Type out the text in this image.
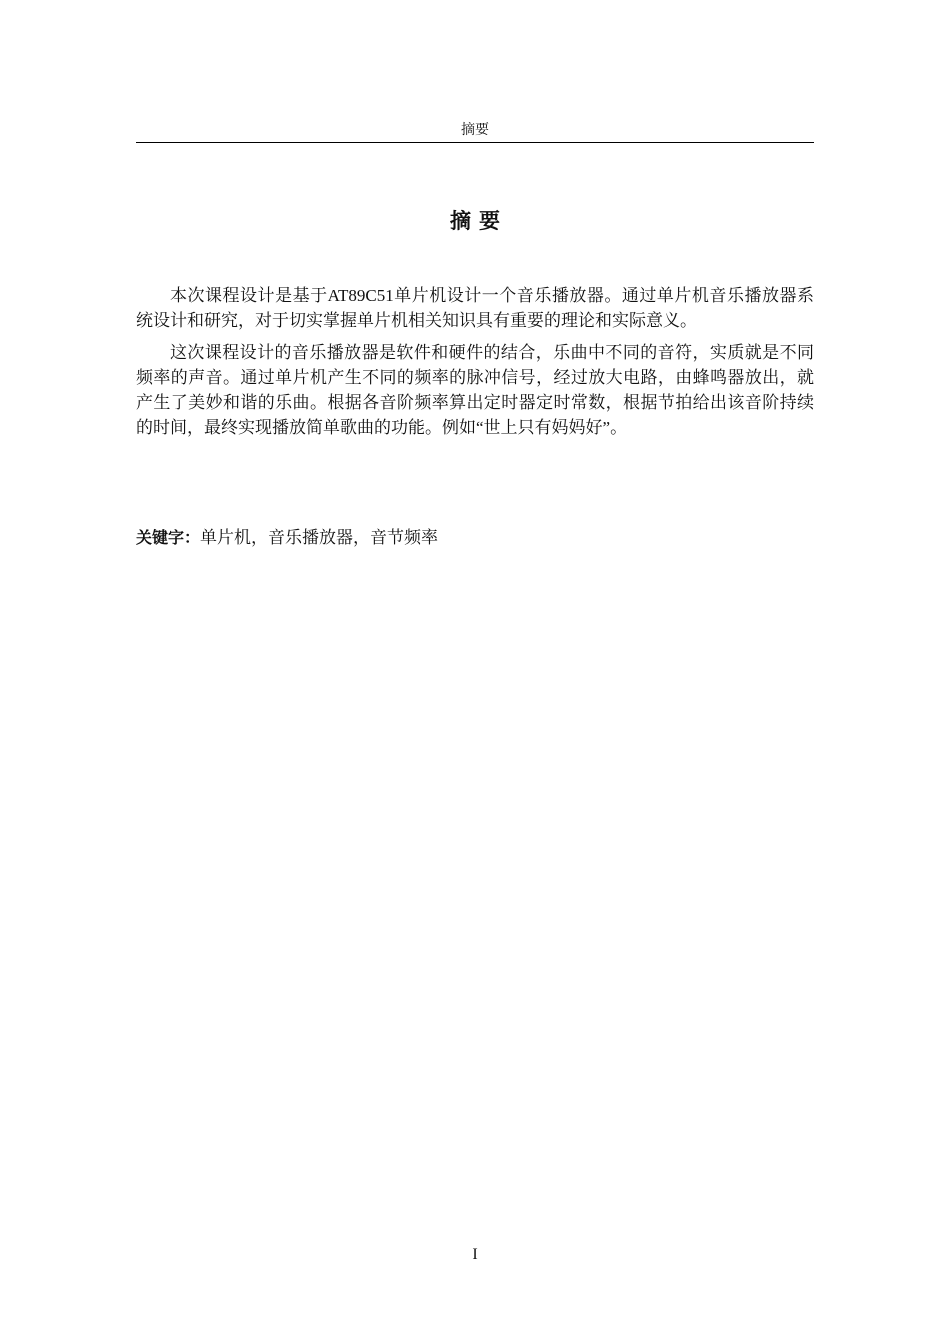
摘要
摘要

本次课程设计是基于AT89C51单片机设计一个音乐播放器。通过单片机音乐播放器系统设计和研究，对于切实掌握单片机相关知识具有重要的理论和实际意义。

这次课程设计的音乐播放器是软件和硬件的结合，乐曲中不同的音符，实质就是不同频率的声音。通过单片机产生不同的频率的脉冲信号，经过放大电路，由蜂鸣器放出，就产生了美妙和谐的乐曲。根据各音阶频率算出定时器定时常数，根据节拍给出该音阶持续的时间，最终实现播放简单歌曲的功能。例如“世上只有妈妈好”。

关键字：单片机，音乐播放器，音节频率
I
